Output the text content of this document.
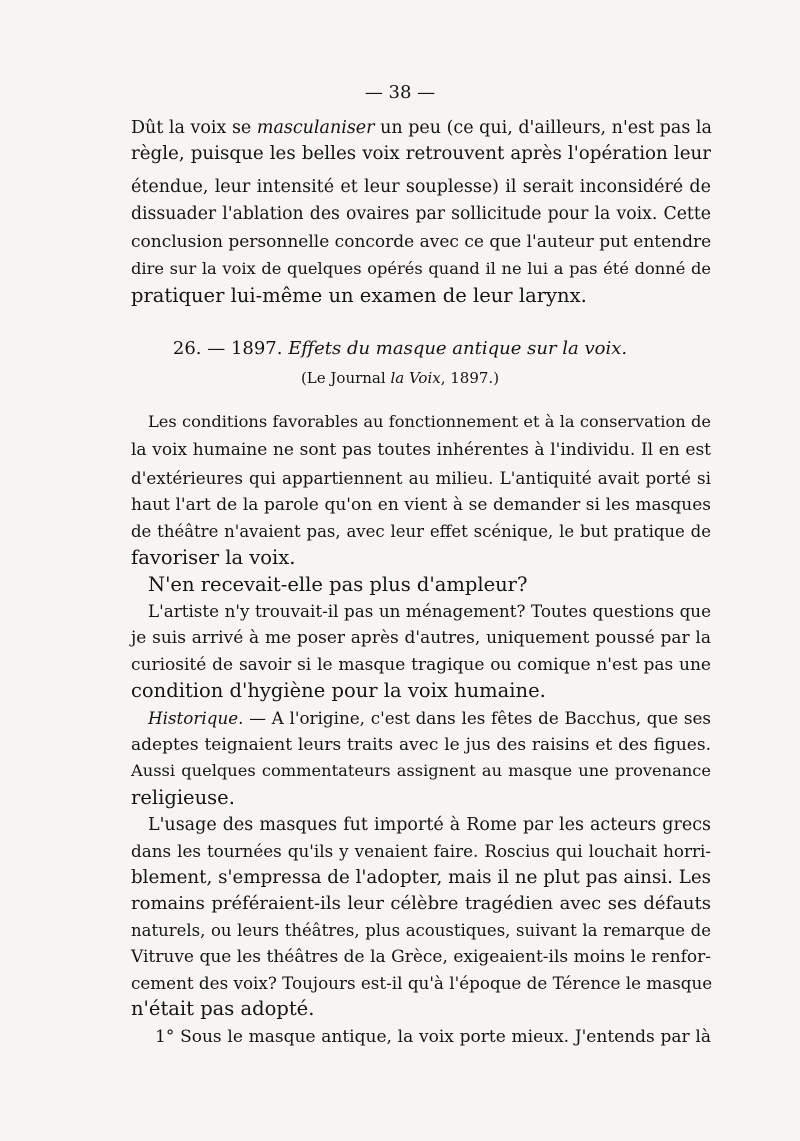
— 38 —
Dût la voix se masculaniser un peu (ce qui, d'ailleurs, n'est pas la
règle, puisque les belles voix retrouvent après l'opération leur
étendue, leur intensité et leur souplesse) il serait inconsidéré de
dissuader l'ablation des ovaires par sollicitude pour la voix. Cette
conclusion personnelle concorde avec ce que l'auteur put entendre
dire sur la voix de quelques opérés quand il ne lui a pas été donné de
pratiquer lui-même un examen de leur larynx.
26. — 1897. Effets du masque antique sur la voix.
(Le Journal la Voix, 1897.)
Les conditions favorables au fonctionnement et à la conservation de
la voix humaine ne sont pas toutes inhérentes à l'individu. Il en est
d'extérieures qui appartiennent au milieu. L'antiquité avait porté si
haut l'art de la parole qu'on en vient à se demander si les masques
de théâtre n'avaient pas, avec leur effet scénique, le but pratique de
favoriser la voix.
N'en recevait-elle pas plus d'ampleur?
L'artiste n'y trouvait-il pas un ménagement? Toutes questions que
je suis arrivé à me poser après d'autres, uniquement poussé par la
curiosité de savoir si le masque tragique ou comique n'est pas une
condition d'hygiène pour la voix humaine.
Historique. — A l'origine, c'est dans les fêtes de Bacchus, que ses
adeptes teignaient leurs traits avec le jus des raisins et des figues.
Aussi quelques commentateurs assignent au masque une provenance
religieuse.
L'usage des masques fut importé à Rome par les acteurs grecs
dans les tournées qu'ils y venaient faire. Roscius qui louchait horri-
blement, s'empressa de l'adopter, mais il ne plut pas ainsi. Les
romains préféraient-ils leur célèbre tragédien avec ses défauts
naturels, ou leurs théâtres, plus acoustiques, suivant la remarque de
Vitruve que les théâtres de la Grèce, exigeaient-ils moins le renfor-
cement des voix? Toujours est-il qu'à l'époque de Térence le masque
n'était pas adopté.
1° Sous le masque antique, la voix porte mieux. J'entends par là
